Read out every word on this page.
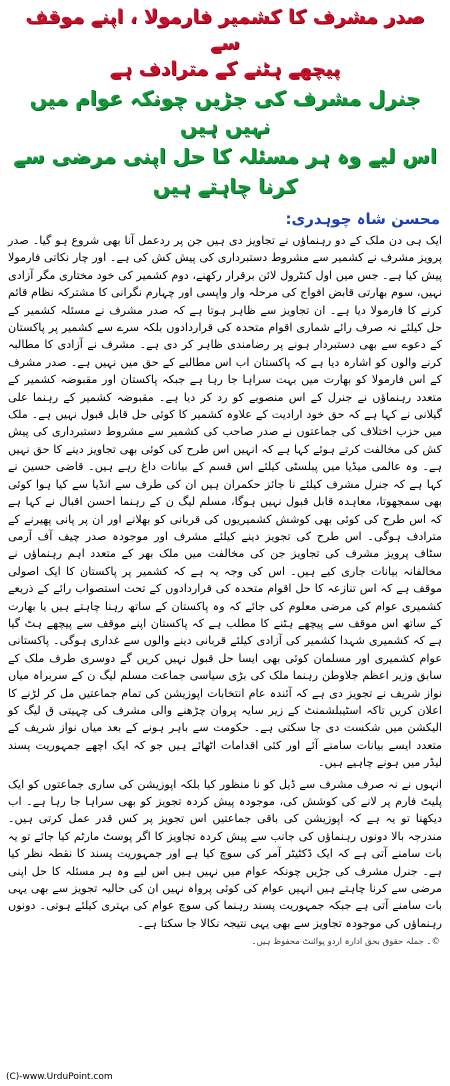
صدر مشرف کا کشمیر فارمولا ، اپنے موقف سے
پیچھے ہٹنے کے مترادف ہے
جنرل مشرف کی جڑیں چونکہ عوام میں نہیں ہیں
اس لیے وہ ہر مسئلہ کا حل اپنی مرضی سے
کرنا چاہتے ہیں
محسن شاہ چوہدری:

ایک ہی دن ملک کے دو رہنماؤں نے تجاویز دی ہیں جن پر ردعمل آنا بھی شروع ہو گیا۔ صدر پرویز مشرف نے کشمیر سے مشروط دستبرداری کی پیش کش کی ہے۔ اور چار نکاتی فارمولا پیش کیا ہے۔ جس میں اول کنٹرول لائن برقرار رکھنے، دوم کشمیر کی خود مختاری مگر آزادی نہیں، سوم بھارتی قابض افواج کی مرحلہ وار واپسی اور چہارم نگرانی کا مشترکہ نظام قائم کرنے کا فارمولا دیا ہے۔ ان تجاویز سے ظاہر ہوتا ہے کہ صدر مشرف نے مسئلہ کشمیر کے حل کیلئے نہ صرف رائے شماری اقوام متحدہ کی قراردادوں بلکہ سرے سے کشمیر پر پاکستان کے دعوے سے بھی دستبردار ہونے پر رضامندی ظاہر کر دی ہے۔ مشرف نے آزادی کا مطالبہ کرنے والوں کو اشارہ دیا ہے کہ پاکستان اب اس مطالبے کے حق میں نہیں ہے۔ صدر مشرف کے اس فارمولا کو بھارت میں بہت سراہا جا رہا ہے جبکہ پاکستان اور مقبوضہ کشمیر کے متعدد رہنماؤں نے جنرل کے اس منصوبے کو رد کر دیا ہے۔ مقبوضہ کشمیر کے رہنما علی گیلانی نے کہا ہے کہ حق خود ارادیت کے علاوہ کشمیر کا کوئی حل قابل قبول نہیں ہے۔ ملک میں حزب اختلاف کی جماعتوں نے صدر صاحب کی کشمیر سے مشروط دستبرداری کی پیش کش کی مخالفت کرتے ہوئے کہا ہے کہ انہیں اس طرح کی کوئی بھی تجاویز دینے کا حق نہیں ہے۔ وہ عالمی میڈیا میں پبلسٹی کیلئے اس قسم کے بیانات داغ رہے ہیں۔ قاضی حسین نے کہا ہے کہ جنرل مشرف کیلئے نا جائز حکمران ہیں ان کی طرف سے انڈیا سے کیا ہوا کوئی بھی سمجھوتا، معاہدہ قابل قبول نہیں ہوگا، مسلم لیگ ن کے رہنما احسن اقبال نے کہا ہے کہ اس طرح کی کوئی بھی کوشش کشمیریوں کی قربانی کو بھلانے اور ان پر پانی پھیرنے کے مترادف ہوگی۔ اس طرح کی تجویز دینے کیلئے مشرف اور موجودہ صدر چیف آف آرمی سٹاف پرویز مشرف کی تجاویز جن کی مخالفت میں ملک بھر کے متعدد اہم رہنماؤں نے مخالفانہ بیانات جاری کیے ہیں۔ اس کی وجہ یہ ہے کہ کشمیر پر پاکستان کا ایک اصولی موقف ہے کہ اس تنازعہ کا حل اقوام متحدہ کی قراردادوں کے تحت استصواب رائے کے ذریعے کشمیری عوام کی مرضی معلوم کی جائے کہ وہ پاکستان کے ساتھ رہنا چاہتے ہیں یا بھارت کے ساتھ اس موقف سے پیچھے ہٹنے کا مطلب ہے کہ پاکستان اپنے موقف سے پیچھے ہٹ گیا ہے کہ کشمیری شہدا کشمیر کی آزادی کیلئے قربانی دینے والوں سے غداری ہوگی۔ پاکستانی عوام کشمیری اور مسلمان کوئی بھی ایسا حل قبول نہیں کریں گے دوسری طرف ملک کے سابق وزیر اعظم جلاوطن رہنما ملک کی بڑی سیاسی جماعت مسلم لیگ ن کے سربراہ میاں نواز شریف نے تجویز دی ہے کہ آئندہ عام انتخابات اپوزیشن کی تمام جماعتیں مل کر لڑنے کا اعلان کریں تاکہ اسٹیبلشمنٹ کے زیر سایہ پروان چڑھنے والی مشرف کی چہیتی ق لیگ کو الیکشن میں شکست دی جا سکتی ہے۔ حکومت سے باہر ہونے کے بعد میاں نواز شریف کے متعدد ایسے بیانات سامنے آئے اور کئی اقدامات اٹھائے ہیں جو کہ ایک اچھے جمہوریت پسند لیڈر میں ہونے چاہیے ہیں۔

انہوں نے نہ صرف مشرف سے ڈیل کو نا منظور کیا بلکہ اپوزیشن کی ساری جماعتوں کو ایک پلیٹ فارم پر لانے کی کوشش کی، موجودہ پیش کردہ تجویز کو بھی سراہا جا رہا ہے۔ اب دیکھنا تو یہ ہے کہ اپوزیشن کی باقی جماعتیں اس تجویز پر کس قدر عمل کرتی ہیں۔ مندرجہ بالا دونوں رہنماؤں کی جانب سے پیش کردہ تجاویز کا اگر پوسٹ مارٹم کیا جائے تو یہ بات سامنے آتی ہے کہ ایک ڈکٹیٹر آمر کی سوچ کیا ہے اور جمہوریت پسند کا نقطہ نظر کیا ہے۔ جنرل مشرف کی جڑیں چونکہ عوام میں نہیں ہیں اس لیے وہ ہر مسئلہ کا حل اپنی مرضی سے کرنا چاہتے ہیں انہیں عوام کی کوئی پرواہ نہیں ان کی حالیہ تجویز سے بھی یہی بات سامنے آتی ہے جبکہ جمہوریت پسند رہنما کی سوچ عوام کی بہتری کیلئے ہوتی۔ دونوں رہنماؤں کی موجودہ تجاویز سے بھی یہی نتیجہ نکالا جا سکتا ہے۔

©۔ جملہ حقوق بحق ادارہ اردو پوائنٹ محفوظ ہیں۔
(C)-www.UrduPoint.com
